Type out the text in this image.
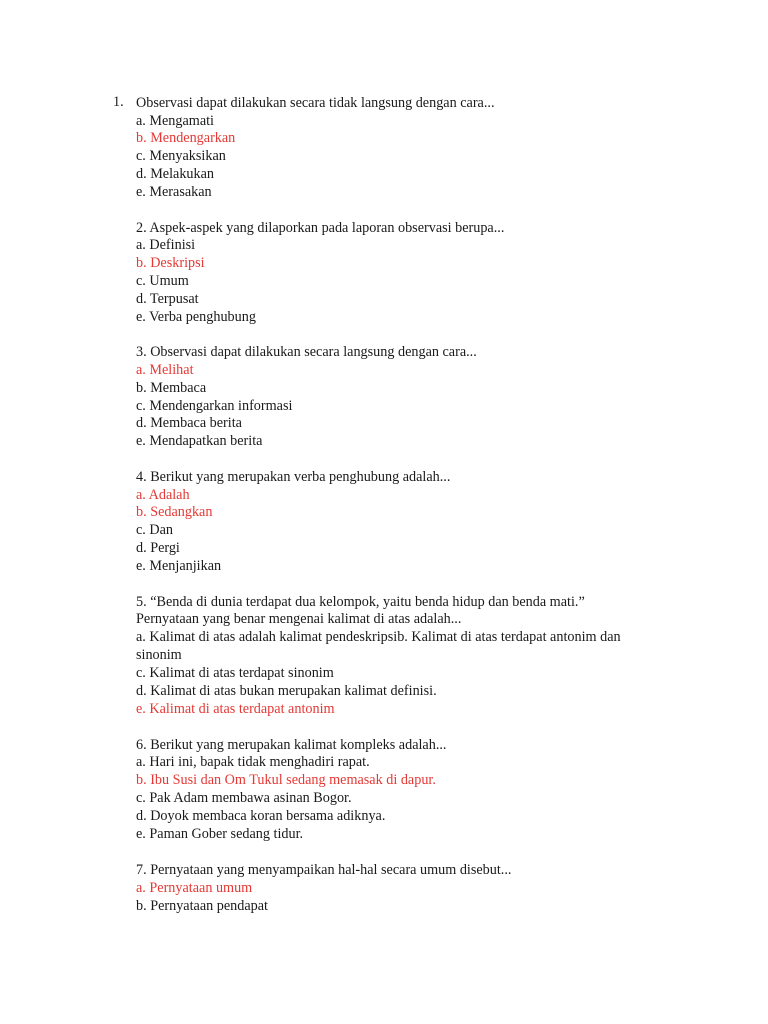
1. Observasi dapat dilakukan secara tidak langsung dengan cara...
a. Mengamati
b. Mendengarkan
c. Menyaksikan
d. Melakukan
e. Merasakan
2. Aspek-aspek yang dilaporkan pada laporan observasi berupa...
a. Definisi
b. Deskripsi
c. Umum
d. Terpusat
e. Verba penghubung
3. Observasi dapat dilakukan secara langsung dengan cara...
a. Melihat
b. Membaca
c. Mendengarkan informasi
d. Membaca berita
e. Mendapatkan berita
4. Berikut yang merupakan verba penghubung adalah...
a. Adalah
b. Sedangkan
c. Dan
d. Pergi
e. Menjanjikan
5. “Benda di dunia terdapat dua kelompok, yaitu benda hidup dan benda mati.”
Pernyataan yang benar mengenai kalimat di atas adalah...
a. Kalimat di atas adalah kalimat pendeskripsib. Kalimat di atas terdapat antonim dan
sinonim
c. Kalimat di atas terdapat sinonim
d. Kalimat di atas bukan merupakan kalimat definisi.
e. Kalimat di atas terdapat antonim
6. Berikut yang merupakan kalimat kompleks adalah...
a. Hari ini, bapak tidak menghadiri rapat.
b. Ibu Susi dan Om Tukul sedang memasak di dapur.
c. Pak Adam membawa asinan Bogor.
d. Doyok membaca koran bersama adiknya.
e. Paman Gober sedang tidur.
7. Pernyataan yang menyampaikan hal-hal secara umum disebut...
a. Pernyataan umum
b. Pernyataan pendapat
